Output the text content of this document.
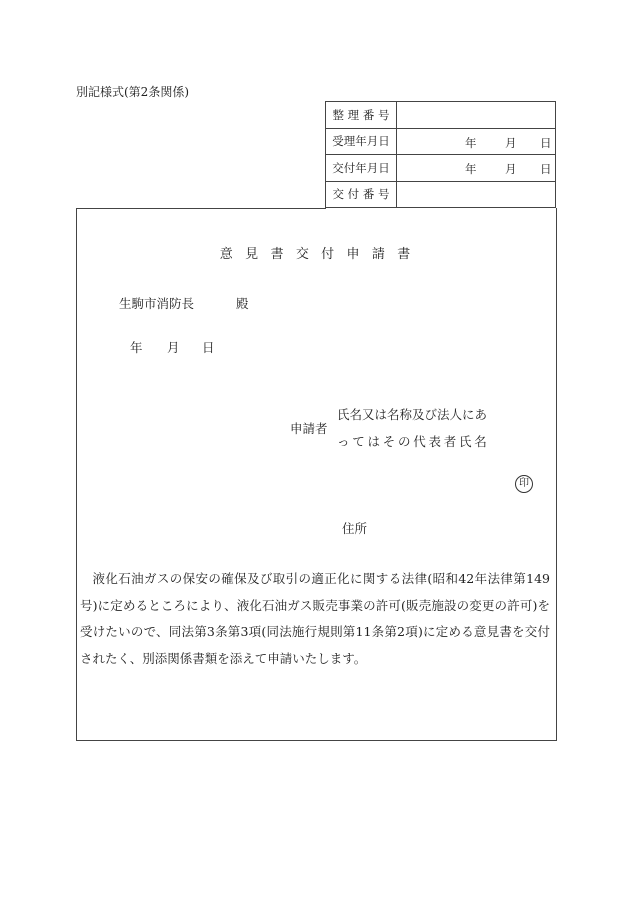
別記様式(第2条関係)
整 理 番 号	
受理年月日	年 月 日

交付年月日	年 月 日

交 付 番 号	
意見書交付申請書
生駒市消防長	殿
年 月 日
申請者
氏名又は名称及び法人にあ
ってはその代表者氏名
印
住所
液化石油ガスの保安の確保及び取引の適正化に関する法律(昭和42年法律第149号)に定めるところにより、液化石油ガス販売事業の許可(販売施設の変更の許可)を受けたいので、同法第3条第3項(同法施行規則第11条第2項)に定める意見書を交付されたく、別添関係書類を添えて申請いたします。
